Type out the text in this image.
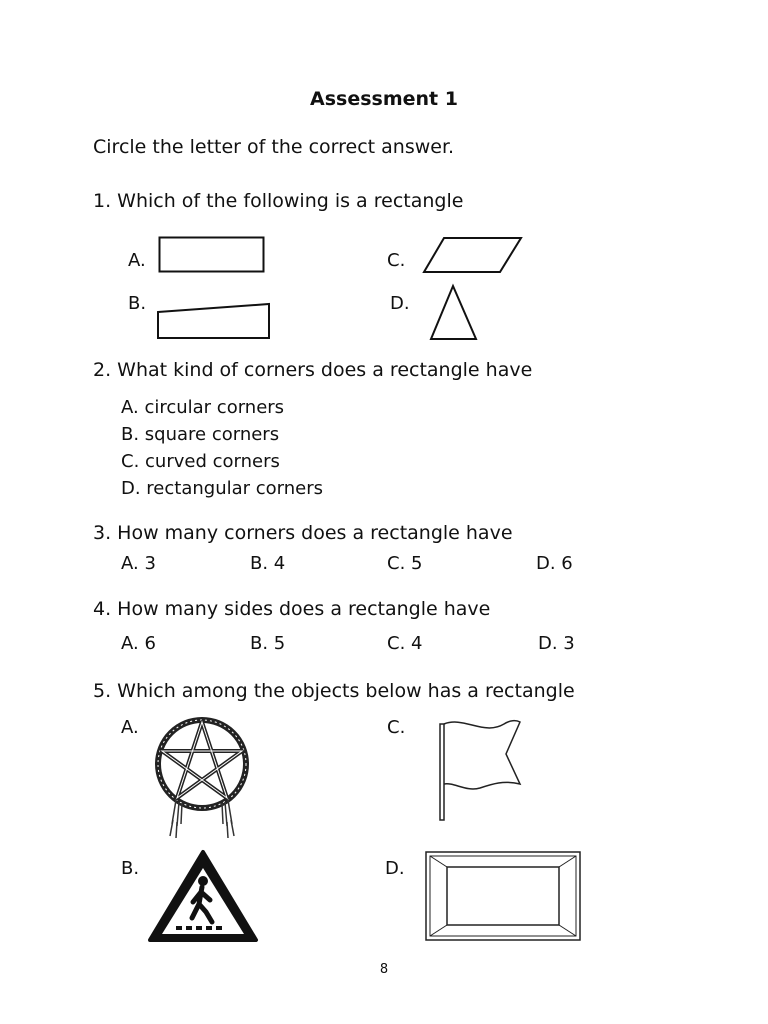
Assessment 1
Circle the letter of the correct answer.
1. Which of the following is a rectangle
A.
B.
C.
D.
2. What kind of corners does a rectangle have
A. circular corners
B. square corners
C. curved corners
D. rectangular corners
3. How many corners does a rectangle have
A. 3	B. 4	C. 5	D. 6
4. How many sides does a rectangle have
A. 6	B. 5	C. 4	D. 3
5. Which among the objects below has a rectangle
A.
B.
C.
D.
8
